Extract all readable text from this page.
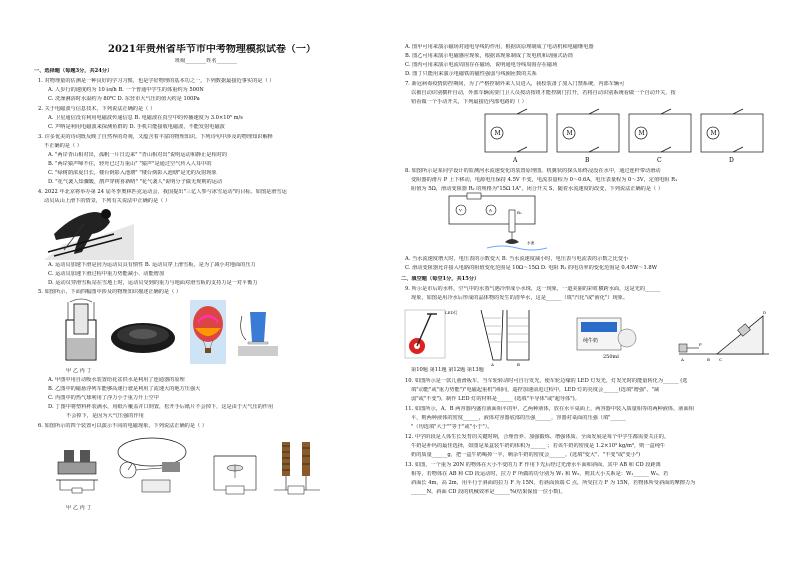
2021年贵州省毕节市中考物理模拟试卷（一）
班级________姓名________
一、选择题（每题3分，共24分）
1. 对物理量的估测是一种良好的学习习惯，也是学好物理的基本功之一。下列数据最接近事实的是（ ）
A. 人步行的速度约为 10 ㎞/h B. 一个普通中学生的体重约为 500N
C. 洗澡淋浴时水温约为 80℃ D. 东营市大气压的值大约是 100Pa
2. 关于电磁波与信息技术，下列说法正确的是（ ）
A. 卫星通信没有利用电磁波传递信息 B. 电磁波在真空中的传播速度为 3.0×10⁵ m/s
C. 声呐是利用电磁波来探测鱼群的 D. 手机只能接收电磁波，不能发射电磁波
3. 许多优美的诗词既反映了自然界的奇观，又蕴含着丰富的物理知识。下列诗句中涉及的物理知识解释
不正确的是（ ）
A. "两岸青山相对出，孤帆一片日边来" "青山相对出"说明运动和静止是相对的
B. "两岸猿声啼不住，轻舟已过万重山" "猿声"是通过空气传入人耳中的
C. "绿树荫浓夏日长，楼台倒影入池塘" "楼台倒影入池塘"是光的反射现象
D. "花气袭人知骤暖，鹊声穿树喜新晴" "花气袭人"说明分子做无规则的运动
4. 2022 年北京将举办第 24 届冬季奥林匹克运动会，我国提出"三亿人参与冰雪运动"的目标。如图是滑雪运
动员从山上滑下的情景，下列有关说法中正确的是（ ）
A. 运动员加速下滑是因为运动员具有惯性 B. 运动员穿上滑雪板，是为了减小对地面的压力
C. 运动员加速下滑过程中重力势能减小、动能增加
D. 运动员穿滑雪板站在雪地上时，运动员受到的重力与地面对滑雪板的支持力是一对平衡力
5. 如图所示，下面四幅图中涉及的物理知识描述正确的是（ ）
甲 乙 丙 丁
A. 甲图中用自动吸水装置给花盆供水是利用了连通器的原理
B. 乙图中的磁悬浮列车能够高速行驶是利用了流速大的地方压强大
C. 丙图中的热气球利用了浮力小于重力升上空中
D. 丁图中将塑料杯装满水，用纸片覆盖并口倒置，松开手后纸片不会掉下，这是由于大气压的作用
不会掉下，是因为大气压强的作用
6. 如图所示的四个装置可以演示不同的电磁现象，下列说法正确的是（ ）
甲 乙 丙 丁
A. 图甲可用来演示磁场对通电导线的作用，根据该原理制成了电动机和电磁继电器
B. 图乙可用来演示电磁感应现象，根据该现象制成了发电机和动圈式话筒
C. 图丙可用来演示电流周围存在磁场，说明通电导线周围存在磁场
D. 图丁只能用来演示电磁铁的磁性强弱与线圈匝数的关系
7. 新冠病毒疫情防控期间，为了严格控制外来人员进入，我校装备了加入门禁系统，内部车辆可
以被自动识别横杆自动，外部车辆需要门卫人员按动按钮才能控制门打开，若将自动识别系统看做一个自动开关，按
钮看做一个手动开关，下列最接近内部电路的（ ）
8. 如图所示是某同学设计的监测河水流速变化的装置原理图。机翼状的探头始终浸没在水中，通过连杆带动滑动
变阻器的滑片 P 上下移动，电源电压保持 4.5V 不变，电流表量程为 0～0.6A，电压表量程为 0～3V，定值电阻 R₁
阻值为 5Ω，滑动变阻器 R₂ 的规格为"15Ω 1A"，闭合开关 S，随着水流速度的改变，下列说法正确的是（ ）
A. 当水流速度增大时，电压表的示数变大 B. 当水流速度减小时，电压表与电流表的示数之比变小
C. 滑动变阻器允许接入电路的阻值变化范围是 10Ω～15Ω D. 电阻 R₁ 的电功率的变化范围是 0.45W～1.8W
二、填空题（每空1分，共15分）
9. 所示是市后的水杯，空气中的水蒸气遇冷形成小水珠，这一现象，一道美丽的彩虹横跨水面，这是光的______
现象，如图是用冷水后形成的晶体物的发生的清华水，这是______（填"汽化"或"液化"）现象。
第10题 第11题 第12题 第13题
10. 如图所示是一款儿童滑板车，当车轮转动时可自行发光，使车轮边缘的 LED 灯发光，灯发光时的能量转化为______ (选
填"动能"或"重力势能")"电磁起重机")相同，遥控加速前进过程中，LED 灯的亮度会______(选填"增强"、"减
弱"或"不变")，制作 LED 灯的材料是______ (选填"半导体"或"超导体")。
11. 如图所示，A、B 两容器内盛有液面相平的甲、乙两种液体，放在水平桌面上，两容器中装入质量相等的两种液体，液面相
平，则两种液体的密度______，液体对容器底部的压强______，容器对桌面的压强（填"______
"（均选填"大于""等于"或"小于"）。
12. 中学阶段是人体生长发育的关键时期，合理营养、加强锻炼、增强体质、全面发展是每个中学生都需要关注的。
牛奶是补钙的最佳选择，如图是某盒装牛奶的体积为______ ；若该牛奶的密度是 1.2×10³ kg/m³，则一盒纯牛
奶的质量______g，把一盒牛奶喝掉一半，剩余牛奶的密度会______。(选填"变大"、"不变"或"变小")
13. 如图，一个重为 20N 的物体在大小不变的力 F 作用下先后经过光滑水平面和斜面，其中 AB 和 CD 段距离
相等，若物体在 AB 和 CD 段运动时，拉力 F 所做的功分别为 W₁ 和 W₂，则其大小关系是：W₁______ W₂，若
斜面长 4m，高 2m，用平行于斜面的拉力 F 为 15N，若斜面顶端 C 点，所受拉力 F 为 15N，若物体所受斜面的摩擦力为
______N，斜面 CD 段的机械效率是______%(结果保留一位小数)。
M
A
M
B
M
C
M
D
R₂
V	A
水流
LED灯
A	B
纯牛奶
250ml
F
A	B C
D
